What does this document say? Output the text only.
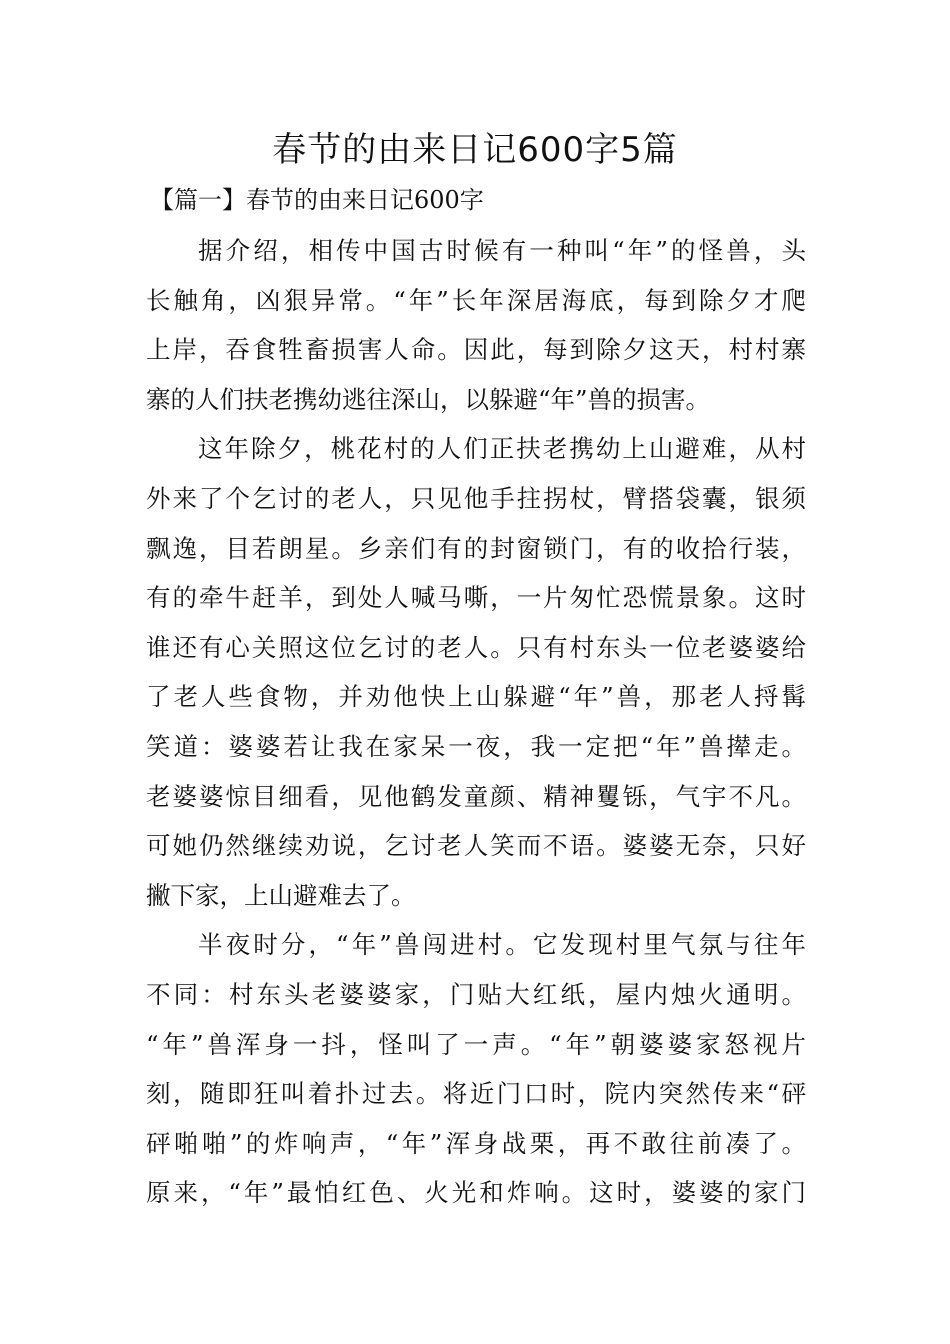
春节的由来日记600字5篇
【篇一】春节的由来日记600字
据介绍，相传中国古时候有一种叫“年”的怪兽，头
长触角，凶狠异常。“年”长年深居海底，每到除夕才爬
上岸，吞食牲畜损害人命。因此，每到除夕这天，村村寨
寨的人们扶老携幼逃往深山，以躲避“年”兽的损害。
这年除夕，桃花村的人们正扶老携幼上山避难，从村
外来了个乞讨的老人，只见他手拄拐杖，臂搭袋囊，银须
飘逸，目若朗星。乡亲们有的封窗锁门，有的收拾行装，
有的牵牛赶羊，到处人喊马嘶，一片匆忙恐慌景象。这时
谁还有心关照这位乞讨的老人。只有村东头一位老婆婆给
了老人些食物，并劝他快上山躲避“年”兽，那老人捋髯
笑道：婆婆若让我在家呆一夜，我一定把“年”兽撵走。
老婆婆惊目细看，见他鹤发童颜、精神矍铄，气宇不凡。
可她仍然继续劝说，乞讨老人笑而不语。婆婆无奈，只好
撇下家，上山避难去了。
半夜时分，“年”兽闯进村。它发现村里气氛与往年
不同：村东头老婆婆家，门贴大红纸，屋内烛火通明。
“年”兽浑身一抖，怪叫了一声。“年”朝婆婆家怒视片
刻，随即狂叫着扑过去。将近门口时，院内突然传来“砰
砰啪啪”的炸响声，“年”浑身战栗，再不敢往前凑了。
原来，“年”最怕红色、火光和炸响。这时，婆婆的家门
